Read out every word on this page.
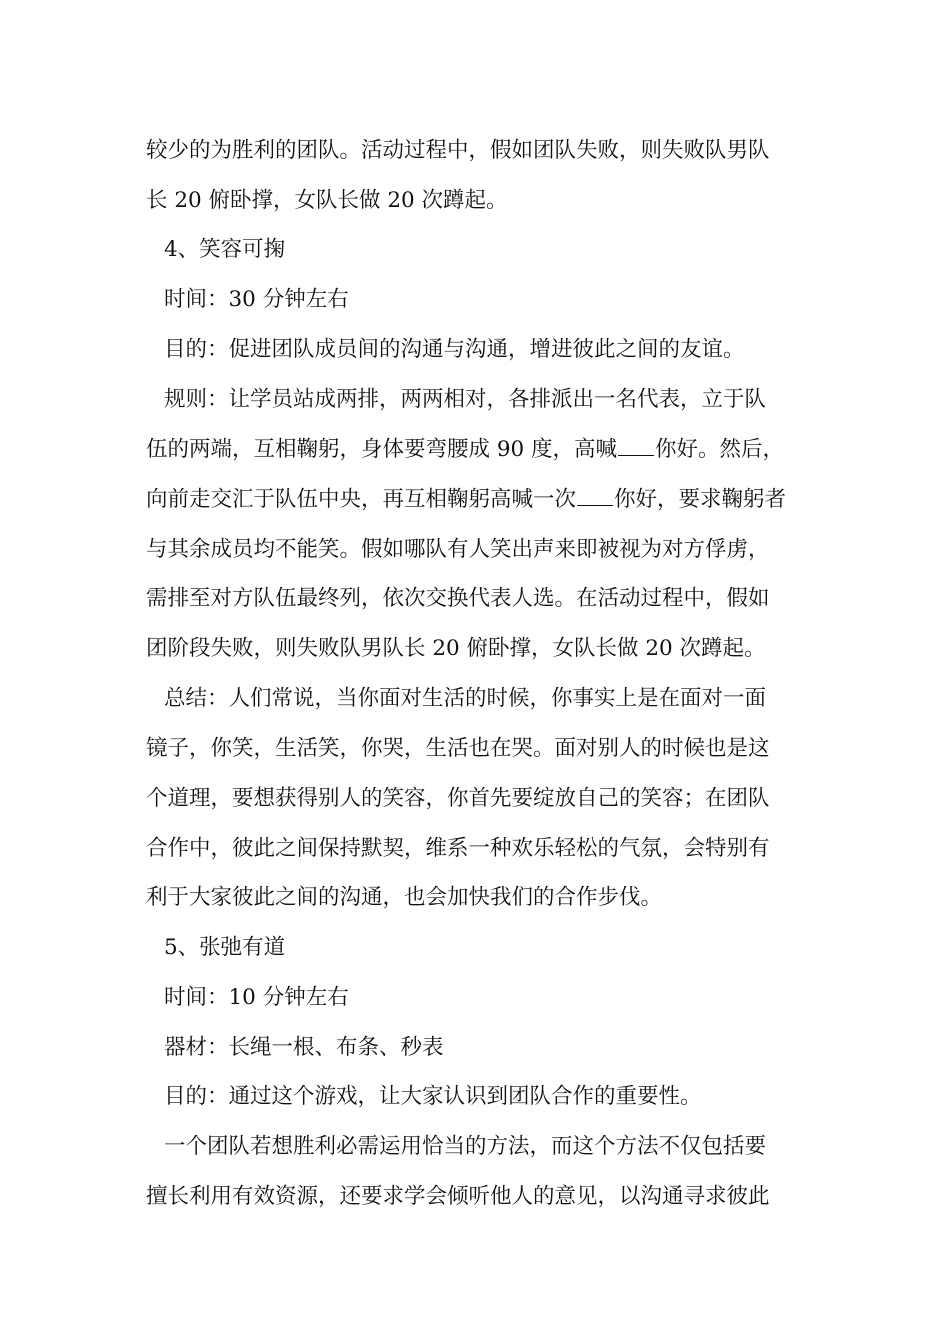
较少的为胜利的团队。活动过程中，假如团队失败，则失败队男队
长 20 俯卧撑，女队长做 20 次蹲起。
4、笑容可掬
时间：30 分钟左右
目的：促进团队成员间的沟通与沟通，增进彼此之间的友谊。
规则：让学员站成两排，两两相对，各排派出一名代表，立于队
伍的两端，互相鞠躬，身体要弯腰成 90 度，高喊 你好。然后，
向前走交汇于队伍中央，再互相鞠躬高喊一次 你好，要求鞠躬者
与其余成员均不能笑。假如哪队有人笑出声来即被视为对方俘虏，
需排至对方队伍最终列，依次交换代表人选。在活动过程中，假如
团阶段失败，则失败队男队长 20 俯卧撑，女队长做 20 次蹲起。
总结：人们常说，当你面对生活的时候，你事实上是在面对一面
镜子，你笑，生活笑，你哭，生活也在哭。面对别人的时候也是这
个道理，要想获得别人的笑容，你首先要绽放自己的笑容；在团队
合作中，彼此之间保持默契，维系一种欢乐轻松的气氛，会特别有
利于大家彼此之间的沟通，也会加快我们的合作步伐。
5、张弛有道
时间：10 分钟左右
器材：长绳一根、布条、秒表
目的：通过这个游戏，让大家认识到团队合作的重要性。
一个团队若想胜利必需运用恰当的方法，而这个方法不仅包括要
擅长利用有效资源，还要求学会倾听他人的意见，以沟通寻求彼此
